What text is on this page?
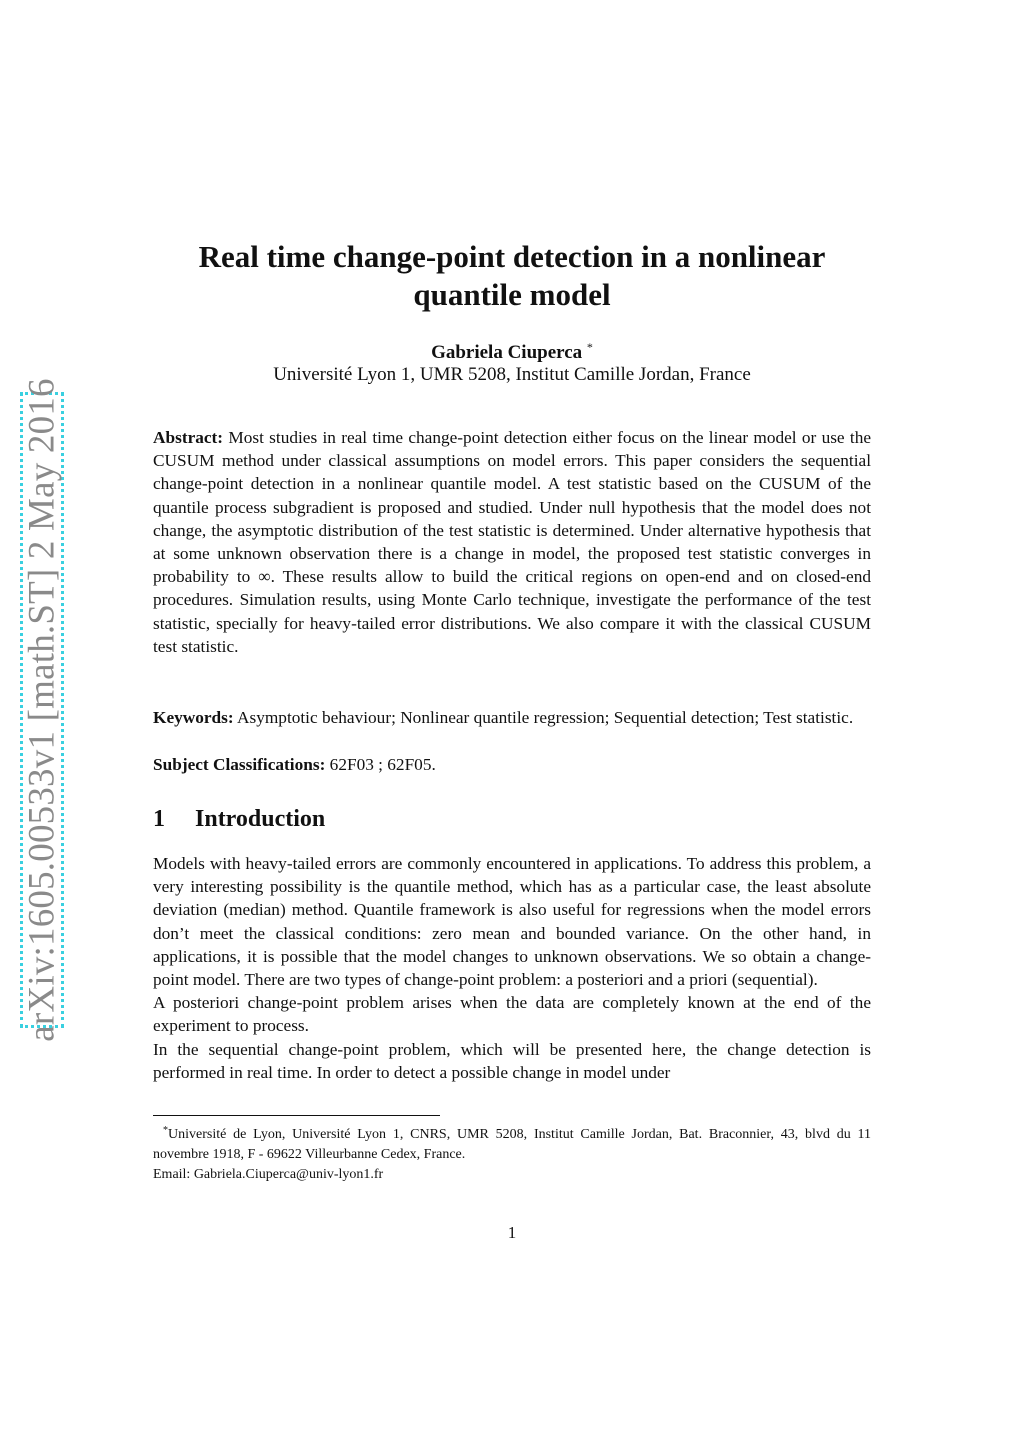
arXiv:1605.00533v1 [math.ST] 2 May 2016
Real time change-point detection in a nonlinear
quantile model
Gabriela Ciuperca *
Université Lyon 1, UMR 5208, Institut Camille Jordan, France

Abstract: Most studies in real time change-point detection either focus on the linear model or use the CUSUM method under classical assumptions on model errors. This paper considers the sequential change-point detection in a nonlinear quantile model. A test statistic based on the CUSUM of the quantile process subgradient is proposed and studied. Under null hypothesis that the model does not change, the asymptotic distribution of the test statistic is determined. Under alternative hypothesis that at some unknown observation there is a change in model, the proposed test statistic converges in probability to ∞. These results allow to build the critical regions on open-end and on closed-end procedures. Simulation results, using Monte Carlo technique, investigate the performance of the test statistic, specially for heavy-tailed error distributions. We also compare it with the classical CUSUM test statistic.

Keywords: Asymptotic behaviour; Nonlinear quantile regression; Sequential detection; Test statistic.

Subject Classifications: 62F03 ; 62F05.

1 Introduction

Models with heavy-tailed errors are commonly encountered in applications. To address this problem, a very interesting possibility is the quantile method, which has as a particular case, the least absolute deviation (median) method. Quantile framework is also useful for regressions when the model errors don’t meet the classical conditions: zero mean and bounded variance. On the other hand, in applications, it is possible that the model changes to unknown observations. We so obtain a change-point model. There are two types of change-point problem: a posteriori and a priori (sequential).

A posteriori change-point problem arises when the data are completely known at the end of the experiment to process.

In the sequential change-point problem, which will be presented here, the change detection is performed in real time. In order to detect a possible change in model under

*Université de Lyon, Université Lyon 1, CNRS, UMR 5208, Institut Camille Jordan, Bat. Braconnier, 43, blvd du 11 novembre 1918, F - 69622 Villeurbanne Cedex, France.

Email: Gabriela.Ciuperca@univ-lyon1.fr

1
